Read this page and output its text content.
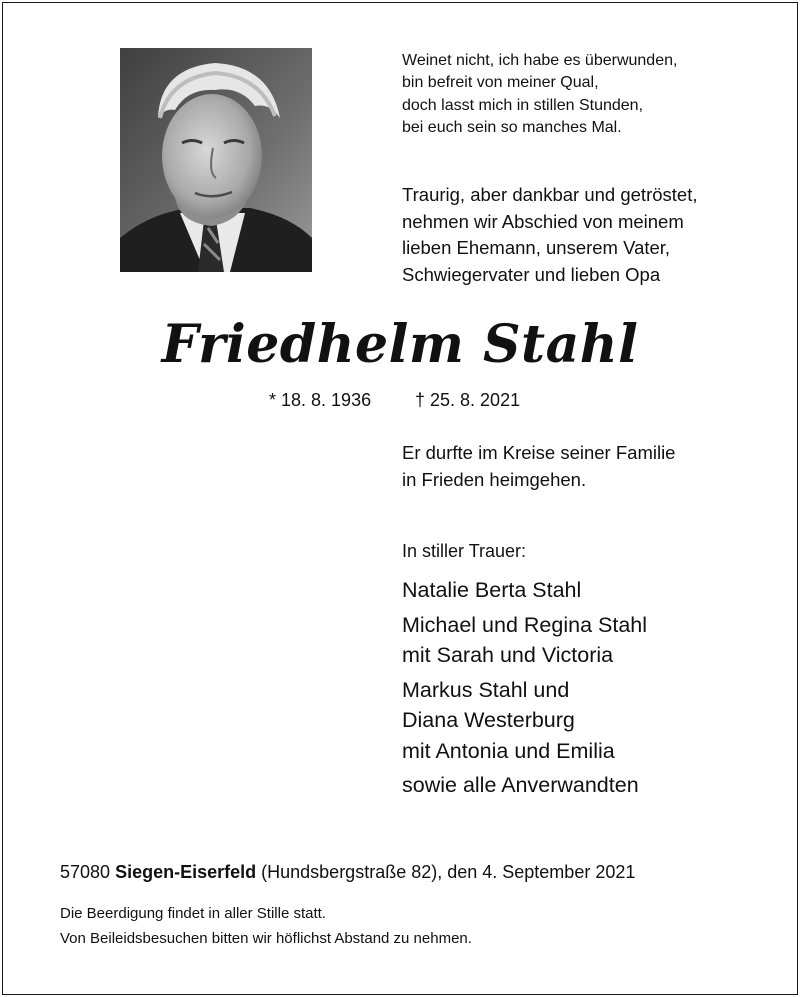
Weinet nicht, ich habe es überwunden,
bin befreit von meiner Qual,
doch lasst mich in stillen Stunden,
bei euch sein so manches Mal.
Traurig, aber dankbar und getröstet,
nehmen wir Abschied von meinem
lieben Ehemann, unserem Vater,
Schwiegervater und lieben Opa
Friedhelm Stahl
* 18. 8. 1936 † 25. 8. 2021
Er durfte im Kreise seiner Familie
in Frieden heimgehen.
In stiller Trauer:
Natalie Berta Stahl
Michael und Regina Stahl
mit Sarah und Victoria
Markus Stahl und
Diana Westerburg
mit Antonia und Emilia
sowie alle Anverwandten
57080 Siegen-Eiserfeld (Hundsbergstraße 82), den 4. September 2021
Die Beerdigung findet in aller Stille statt.
Von Beileidsbesuchen bitten wir höflichst Abstand zu nehmen.
